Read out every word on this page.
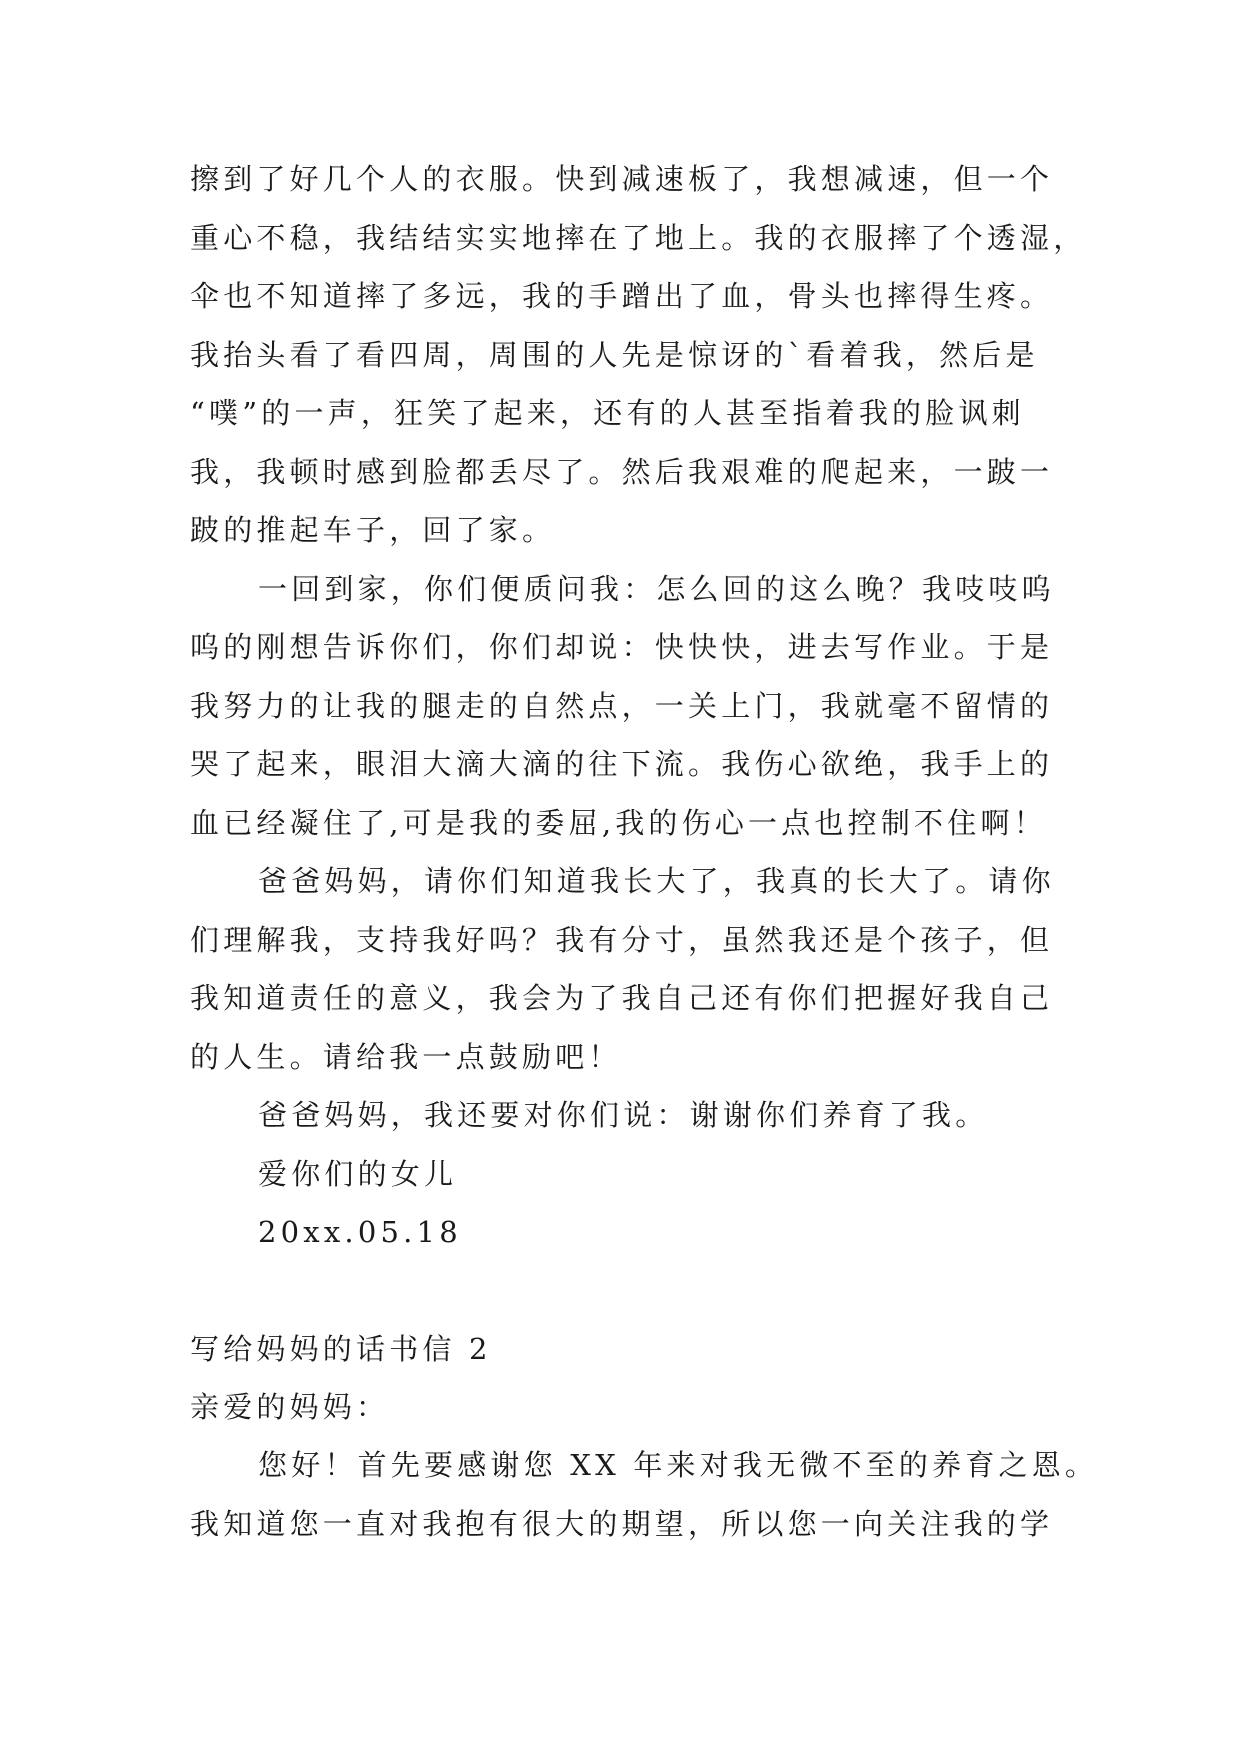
擦到了好几个人的衣服。快到减速板了，我想减速，但一个
重心不稳，我结结实实地摔在了地上。我的衣服摔了个透湿，
伞也不知道摔了多远，我的手蹭出了血，骨头也摔得生疼。
我抬头看了看四周，周围的人先是惊讶的`看着我，然后是
“噗”的一声，狂笑了起来，还有的人甚至指着我的脸讽刺
我，我顿时感到脸都丢尽了。然后我艰难的爬起来，一跛一
跛的推起车子，回了家。
一回到家，你们便质问我：怎么回的这么晚？我吱吱呜
呜的刚想告诉你们，你们却说：快快快，进去写作业。于是
我努力的让我的腿走的自然点，一关上门，我就毫不留情的
哭了起来，眼泪大滴大滴的往下流。我伤心欲绝，我手上的
血已经凝住了,可是我的委屈,我的伤心一点也控制不住啊！
爸爸妈妈，请你们知道我长大了，我真的长大了。请你
们理解我，支持我好吗？我有分寸，虽然我还是个孩子，但
我知道责任的意义，我会为了我自己还有你们把握好我自己
的人生。请给我一点鼓励吧！
爸爸妈妈，我还要对你们说：谢谢你们养育了我。
爱你们的女儿
20xx.05.18
写给妈妈的话书信 2
亲爱的妈妈：
您好！首先要感谢您 XX 年来对我无微不至的养育之恩。
我知道您一直对我抱有很大的期望，所以您一向关注我的学
